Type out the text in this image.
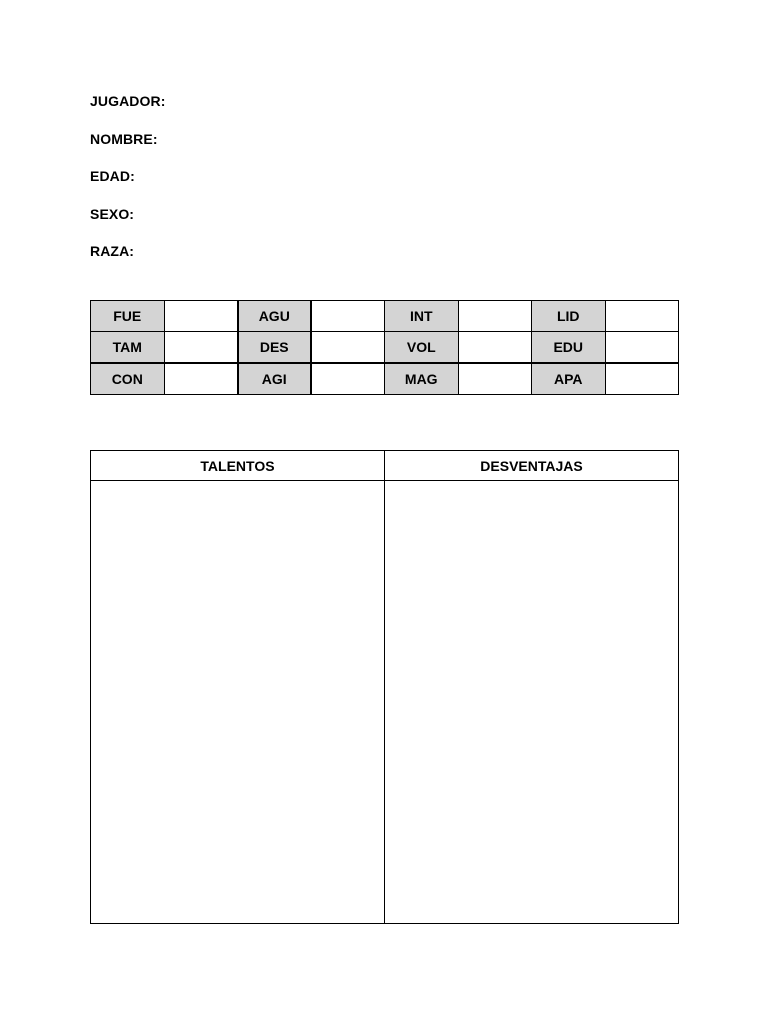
JUGADOR:
NOMBRE:
EDAD:
SEXO:
RAZA:
FUE		AGU		INT		LID	
TAM		DES		VOL		EDU	
CON		AGI		MAG		APA	
TALENTOS	DESVENTAJAS
